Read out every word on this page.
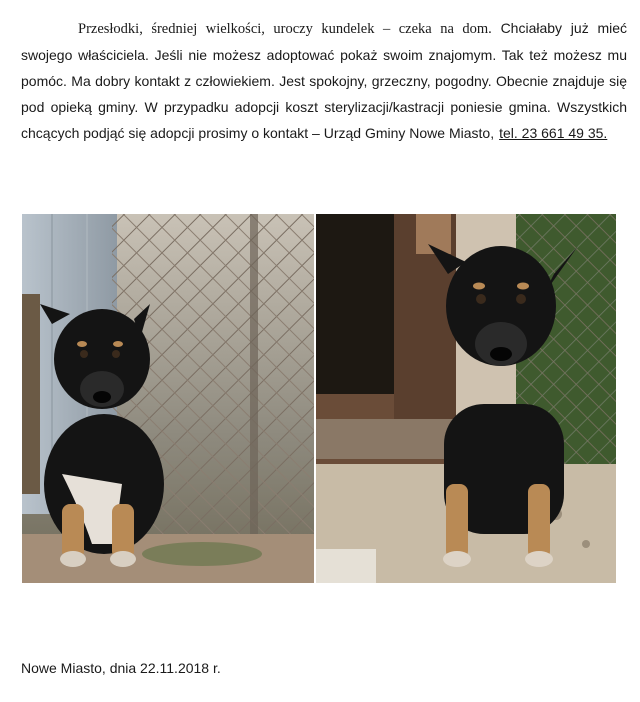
Przesłodki, średniej wielkości, uroczy kundelek – czeka na dom. Chciałaby już mieć swojego właściciela. Jeśli nie możesz adoptować pokaż swoim znajomym. Tak też możesz mu pomóc. Ma dobry kontakt z człowiekiem. Jest spokojny, grzeczny, pogodny. Obecnie znajduje się pod opieką gminy. W przypadku adopcji koszt sterylizacji/kastracji poniesie gmina. Wszystkich chcących podjąć się adopcji prosimy o kontakt – Urząd Gminy Nowe Miasto, tel. 23 661 49 35.

Nowe Miasto, dnia 22.11.2018 r.
